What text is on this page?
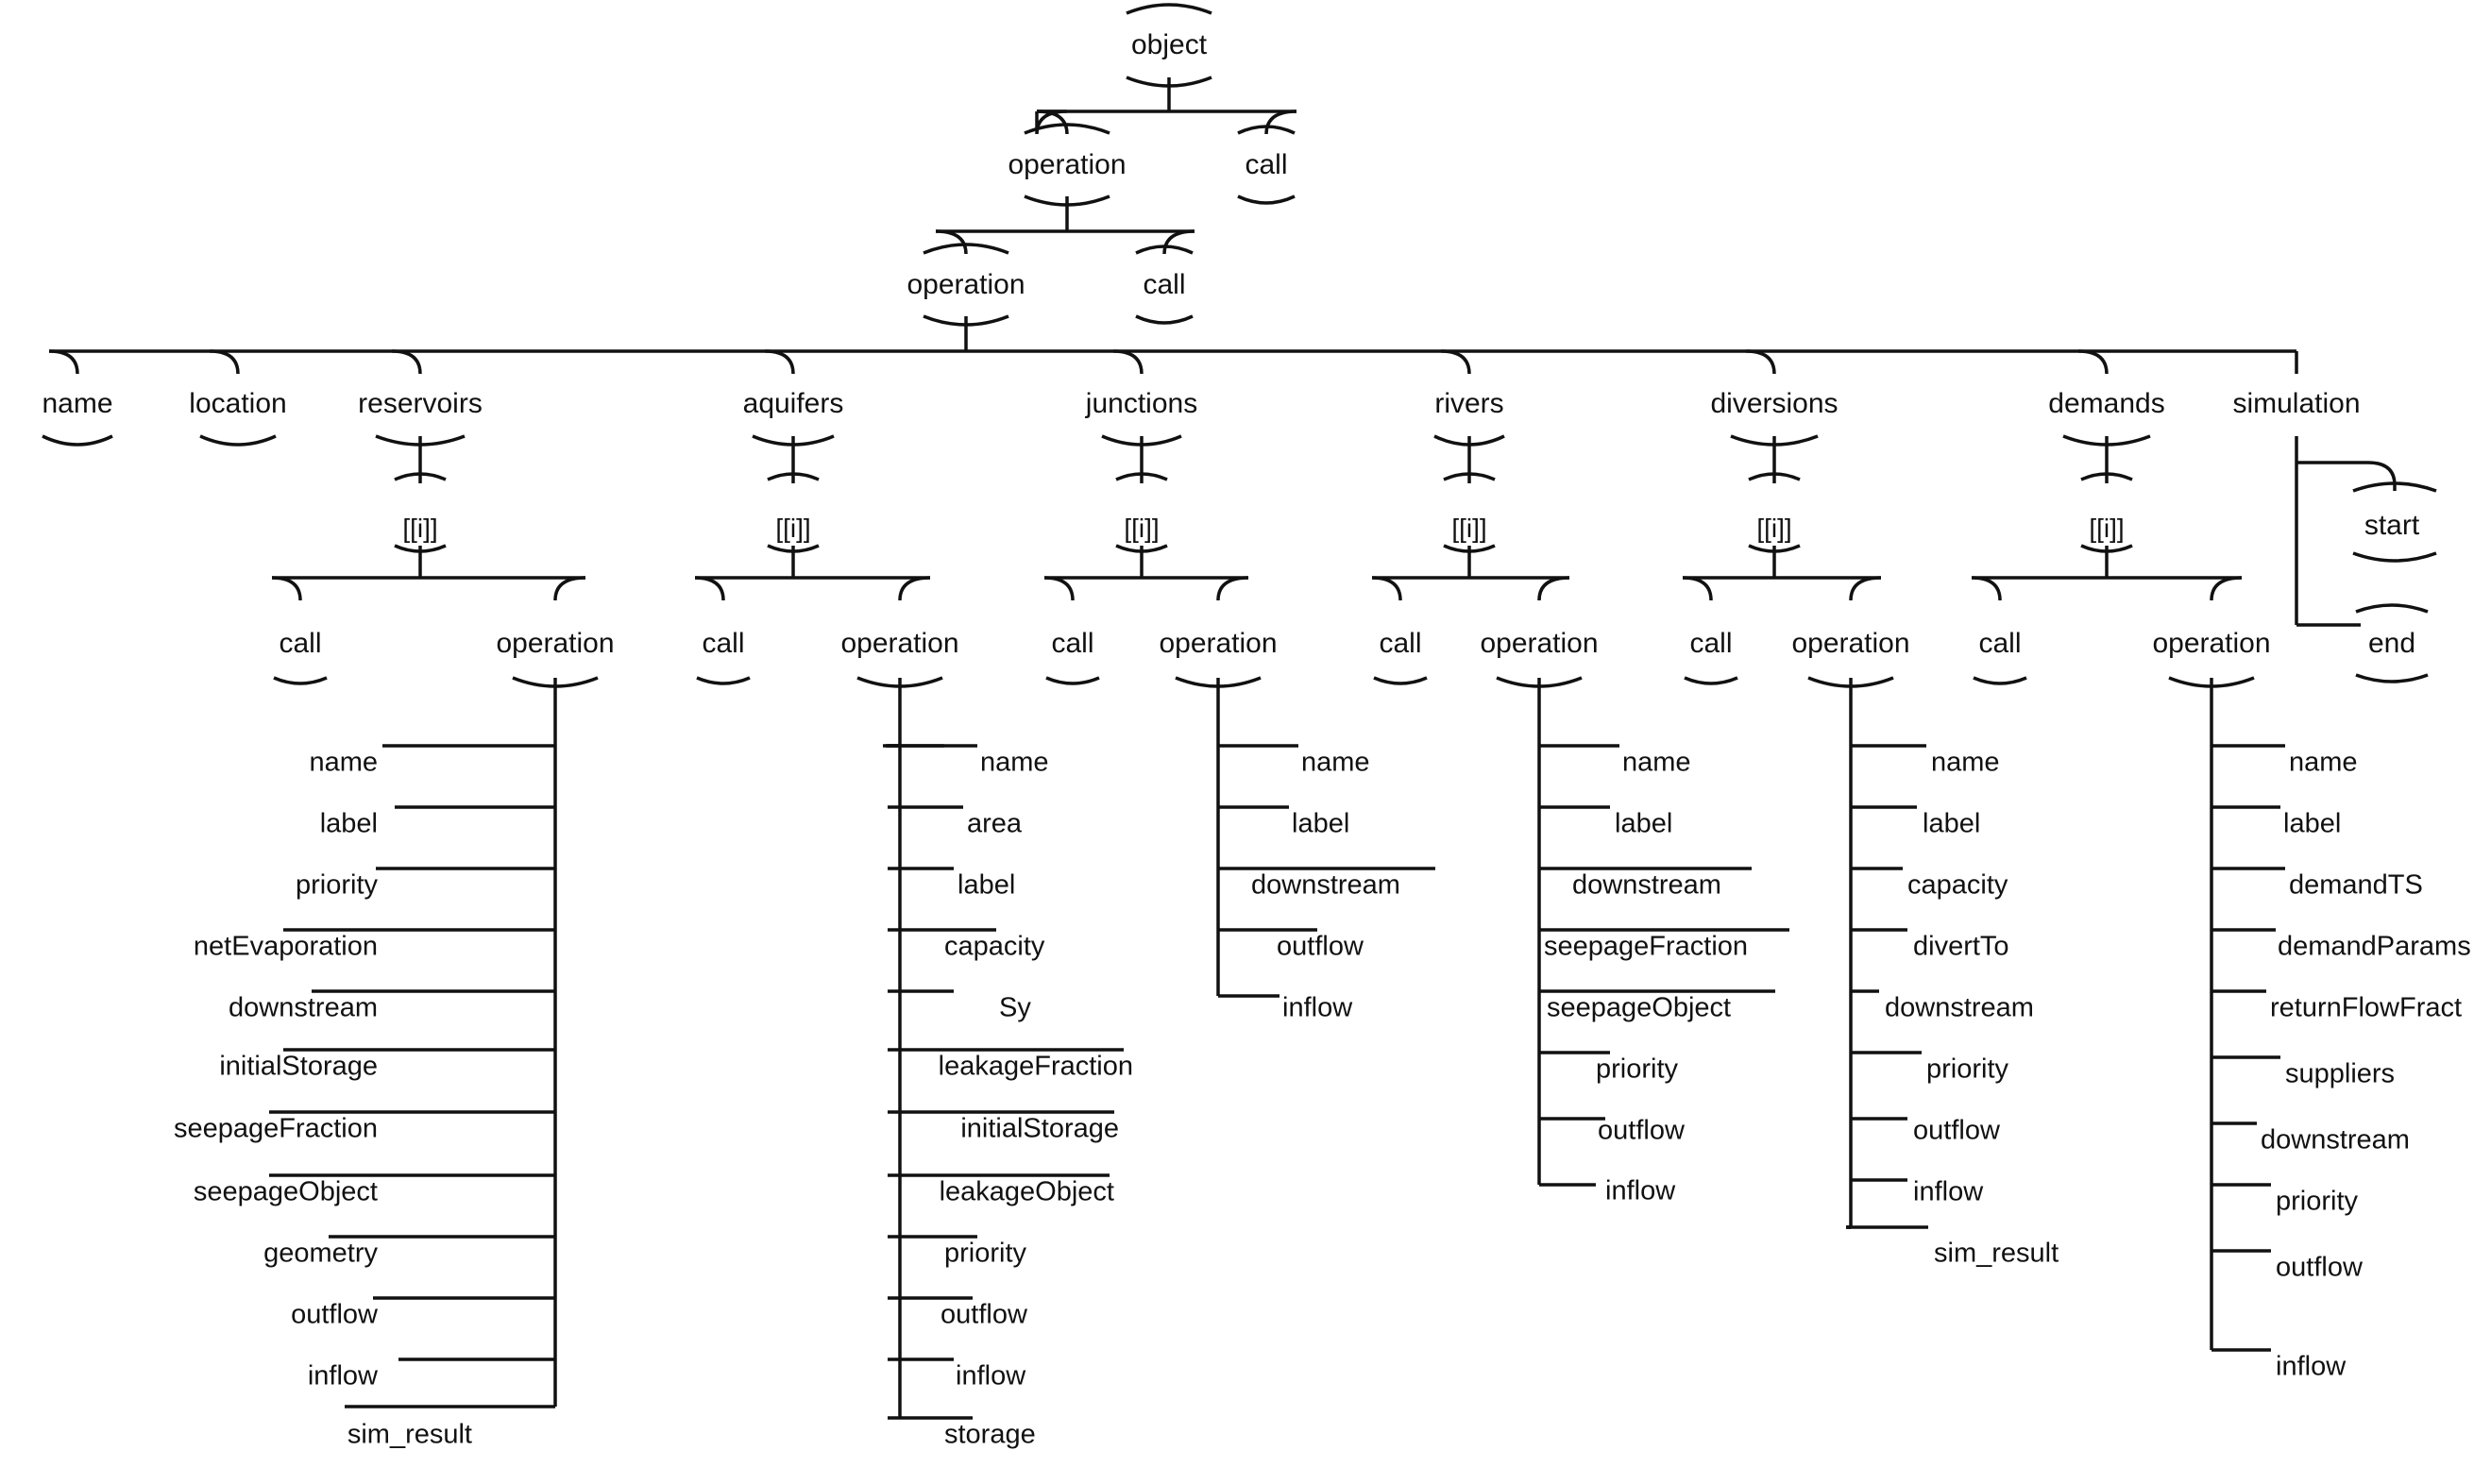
object
operation	call
operation	call
name	location	reservoirs	aquifers	junctions	rivers	diversions	demands simulation
[[i]]	[[i]]	[[i]]	[[i]]	[[i]]	[[i]]
call	operation	call	operation	call operation	call operation	call operation call	operation
start
end
name
label
priority
netEvaporation
downstream
initialStorage
seepageFraction
seepageObject
geometry
outflow
inflow
sim_result
name
area
label
capacity
Sy
leakageFraction
initialStorage
leakageObject
priority
outflow
inflow
storage
name
label
downstream
outflow
inflow
name
label
downstream
seepageFraction
seepageObject
priority
outflow
inflow
name
label
capacity
divertTo
downstream
priority
outflow
inflow
sim_result
name
label
demandTS
demandParams
returnFlowFract
suppliers
downstream
priority
outflow
inflow
